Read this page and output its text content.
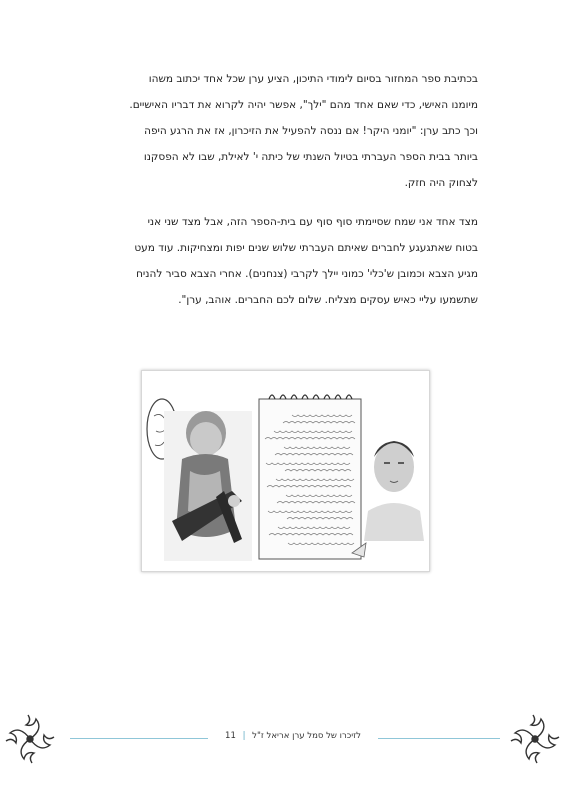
בכתיבת ספר המחזור בסיום לימודי התיכון, הציע ערן שכל אחד יכתוב משהו

מיומנו האישי, כדי שאם אחד מהם "ילך", אפשר יהיה לקרוא את דבריו האישיים.

וכך כתב ערן: "יומני היקר! אם ננסה להפעיל את הזיכרון, אז את הרגע היפה

ביותר בבית הספר העברתי בטיול השנתי של כיתה י' לאילת, שבו לא הפסקנו

לצחוק היה חזק.

מצד אחד אני שמח שסיימתי סוף סוף עם בית-הספר הזה, אבל מצד שני אני

בטוח שאתגעגע לחברים שאיתם העברתי שלוש שנים יפות ומצחיקות. עוד מעט

מגיע הצבא וכמובן ש'כלי' כמוני יילך לקרבי (צנחנים). אחרי הצבא סביר להניח

שתשמעו עליי כאיש עסקים מצליח. שלום לכם החברים. אוהב, ערן".

לזיכרו של סמל ערן אריאל ז"ל | 11
